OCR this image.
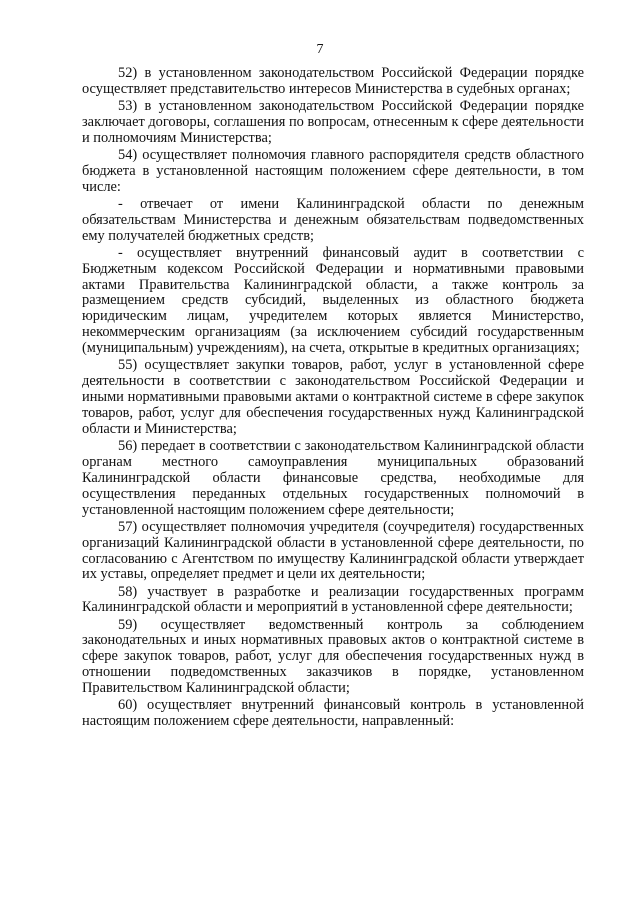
7

52) в установленном законодательством Российской Федерации порядке осуществляет представительство интересов Министерства в судебных органах;

53) в установленном законодательством Российской Федерации порядке заключает договоры, соглашения по вопросам, отнесенным к сфере деятельности и полномочиям Министерства;

54) осуществляет полномочия главного распорядителя средств областного бюджета в установленной настоящим положением сфере деятельности, в том числе:

- отвечает от имени Калининградской области по денежным обязательствам Министерства и денежным обязательствам подведомственных ему получателей бюджетных средств;

- осуществляет внутренний финансовый аудит в соответствии с Бюджетным кодексом Российской Федерации и нормативными правовыми актами Правительства Калининградской области, а также контроль за размещением средств субсидий, выделенных из областного бюджета юридическим лицам, учредителем которых является Министерство, некоммерческим организациям (за исключением субсидий государственным (муниципальным) учреждениям), на счета, открытые в кредитных организациях;

55) осуществляет закупки товаров, работ, услуг в установленной сфере деятельности в соответствии с законодательством Российской Федерации и иными нормативными правовыми актами о контрактной системе в сфере закупок товаров, работ, услуг для обеспечения государственных нужд Калининградской области и Министерства;

56) передает в соответствии с законодательством Калининградской области органам местного самоуправления муниципальных образований Калининградской области финансовые средства, необходимые для осуществления переданных отдельных государственных полномочий в установленной настоящим положением сфере деятельности;

57) осуществляет полномочия учредителя (соучредителя) государственных организаций Калининградской области в установленной сфере деятельности, по согласованию с Агентством по имуществу Калининградской области утверждает их уставы, определяет предмет и цели их деятельности;

58) участвует в разработке и реализации государственных программ Калининградской области и мероприятий в установленной сфере деятельности;

59) осуществляет ведомственный контроль за соблюдением законодательных и иных нормативных правовых актов о контрактной системе в сфере закупок товаров, работ, услуг для обеспечения государственных нужд в отношении подведомственных заказчиков в порядке, установленном Правительством Калининградской области;

60) осуществляет внутренний финансовый контроль в установленной настоящим положением сфере деятельности, направленный:
